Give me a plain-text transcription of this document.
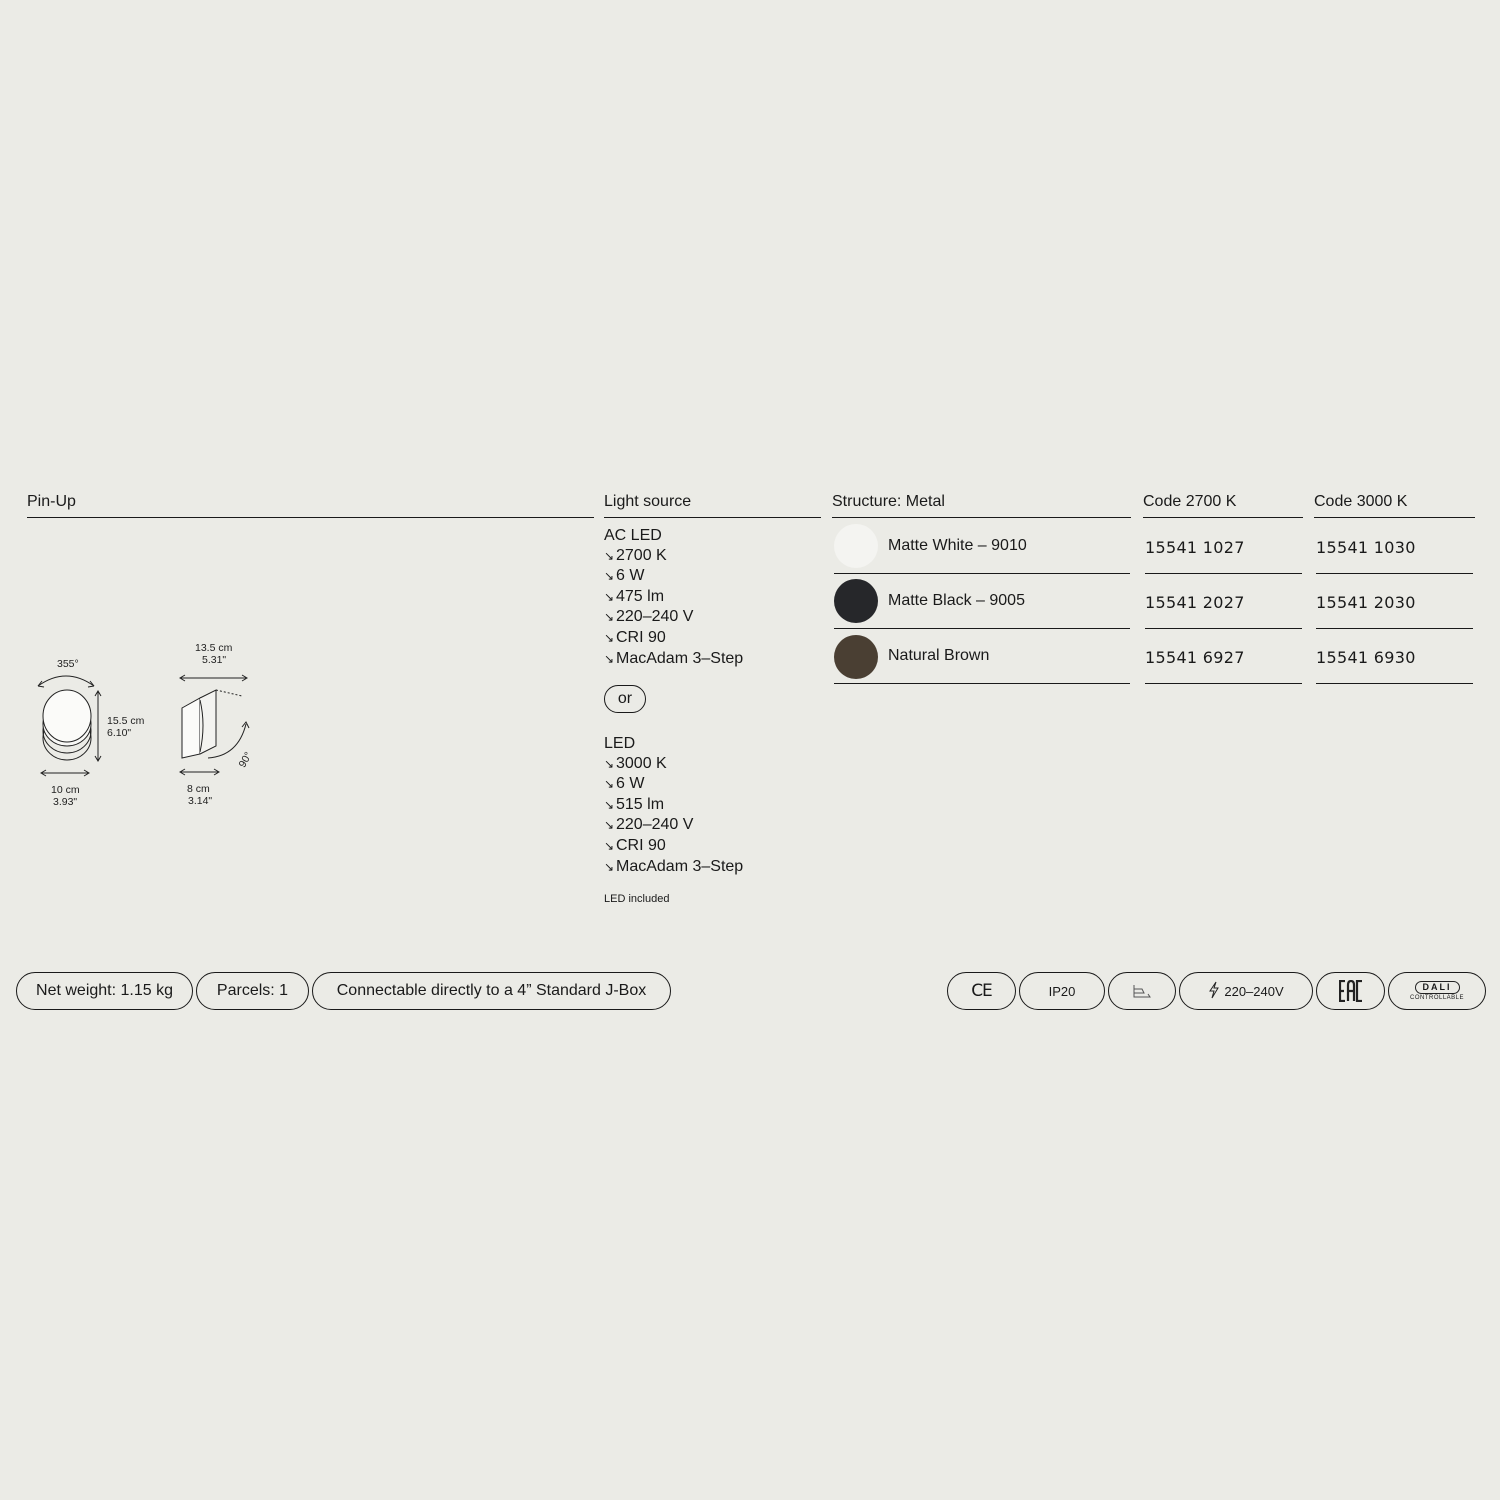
Pin-Up	Light source	Structure: Metal	Code 2700 K	Code 3000 K
355°
15.5 cm
6.10"
10 cm
3.93"
13.5 cm
5.31"
8 cm
3.14"
90°
AC LED
↘ 2700 K
↘ 6 W
↘ 475 lm
↘ 220–240 V
↘ CRI 90
↘ MacAdam 3–Step
or
LED
↘ 3000 K
↘ 6 W
↘ 515 lm
↘ 220–240 V
↘ CRI 90
↘ MacAdam 3–Step
LED included
Matte White – 9010	15541 1027	15541 1030
Matte Black – 9005	15541 2027	15541 2030
Natural Brown	15541 6927	15541 6930
Net weight: 1.15 kg	Parcels: 1	Connectable directly to a 4” Standard J-Box	CE	IP20	220–240V	DALI
CONTROLLABLE
